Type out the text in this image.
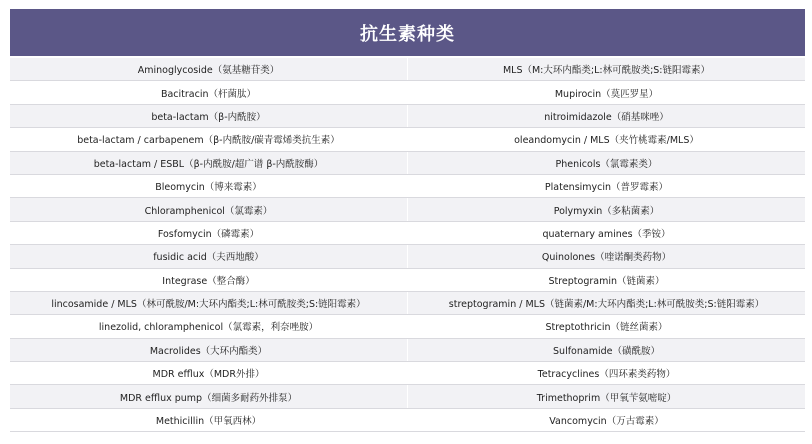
抗生素种类
Aminoglycoside（氨基糖苷类）	MLS（M:大环内酯类;L:林可酰胺类;S:链阳霉素）
Bacitracin（杆菌肽）	Mupirocin（莫匹罗星）
beta-lactam（β-内酰胺）	nitroimidazole（硝基咪唑）
beta-lactam / carbapenem（β-内酰胺/碳青霉烯类抗生素）	oleandomycin / MLS（夹竹桃霉素/MLS）
beta-lactam / ESBL（β-内酰胺/超广谱 β-内酰胺酶）	Phenicols（氯霉素类）
Bleomycin（博来霉素）	Platensimycin（普罗霉素）
Chloramphenicol（氯霉素）	Polymyxin（多粘菌素）
Fosfomycin（磷霉素）	quaternary amines（季铵）
fusidic acid（夫西地酸）	Quinolones（喹诺酮类药物）
Integrase（整合酶）	Streptogramin（链菌素）
lincosamide / MLS（林可酰胺/M:大环内酯类;L:林可酰胺类;S:链阳霉素）	streptogramin / MLS（链菌素/M:大环内酯类;L:林可酰胺类;S:链阳霉素）
linezolid, chloramphenicol（氯霉素，利奈唑胺）	Streptothricin（链丝菌素）
Macrolides（大环内酯类）	Sulfonamide（磺酰胺）
MDR efflux（MDR外排）	Tetracyclines（四环素类药物）
MDR efflux pump（细菌多耐药外排泵）	Trimethoprim（甲氧苄氨嘧啶）
Methicillin（甲氧西林）	Vancomycin（万古霉素）
